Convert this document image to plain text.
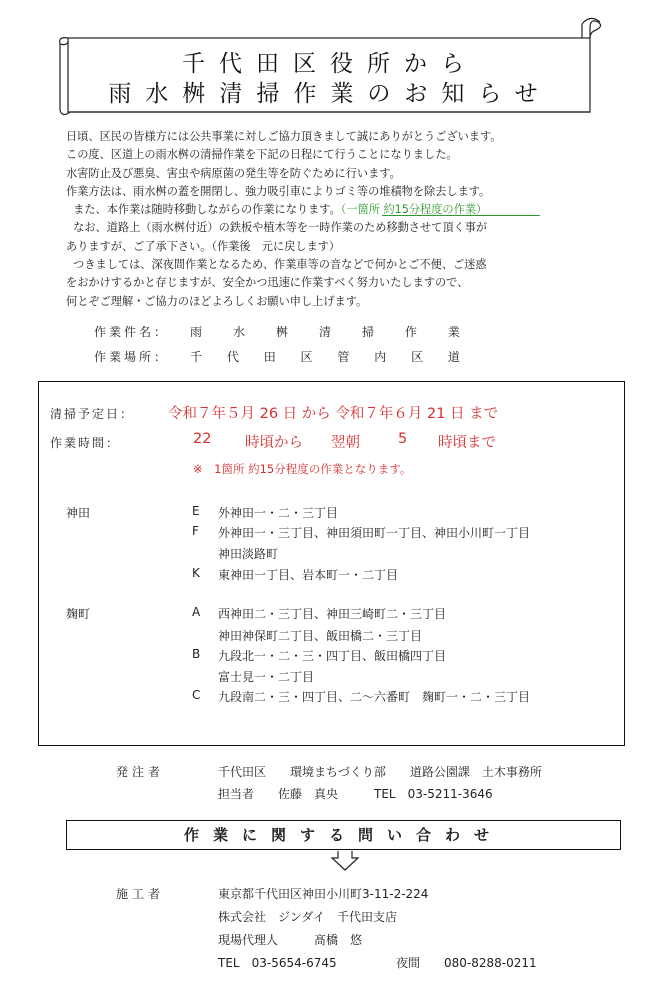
千代田区役所から
雨水桝清掃作業のお知らせ
日頃、区民の皆様方には公共事業に対しご協力頂きまして誠にありがとうございます。
この度、区道上の雨水桝の清掃作業を下記の日程にて行うことになりました。
水害防止及び悪臭、害虫や病原菌の発生等を防ぐために行います。
作業方法は、雨水桝の蓋を開閉し、強力吸引車によりゴミ等の堆積物を除去します。
また、本作業は随時移動しながらの作業になります。（一箇所 約15分程度の作業）
なお、道路上（雨水桝付近）の鉄板や植木等を一時作業のため移動させて頂く事が
ありますが、ご了承下さい。（作業後　元に戻します）
つきましては、深夜間作業となるため、作業車等の音などで何かとご不便、ご迷惑
をおかけするかと存じますが、安全かつ迅速に作業すべく努力いたしますので、
何とぞご理解・ご協力のほどよろしくお願い申し上げます。
作業件名： 雨	水	桝	清	掃	作	業
作業場所： 千 代 田 区 管 内 区 道
清掃予定日： 令和７年５月 26 日 から 令和７年６月 21 日 まで
作業時間：	22 時頃から 翌朝	5 時頃まで
※　1箇所 約15分程度の作業となります。
神田	E 外神田一・二・三丁目
F 外神田一・三丁目、神田須田町一丁目、神田小川町一丁目
神田淡路町
K 東神田一丁目、岩本町一・二丁目
麹町	A 西神田二・三丁目、神田三崎町二・三丁目
神田神保町二丁目、飯田橋二・三丁目
B 九段北一・二・三・四丁目、飯田橋四丁目
富士見一・二丁目
C 九段南二・三・四丁目、二〜六番町　麹町一・二・三丁目
発注者	千代田区　　環境まちづくり部　　道路公園課　土木事務所
担当者　　佐藤　真央　　　TEL　03-5211-3646
作業に関する問い合わせ
施工者	東京都千代田区神田小川町3-11-2-224
株式会社　ジンダイ　千代田支店
現場代理人　　　髙橋　悠
TEL　03-5654-6745	夜間　　080-8288-0211
